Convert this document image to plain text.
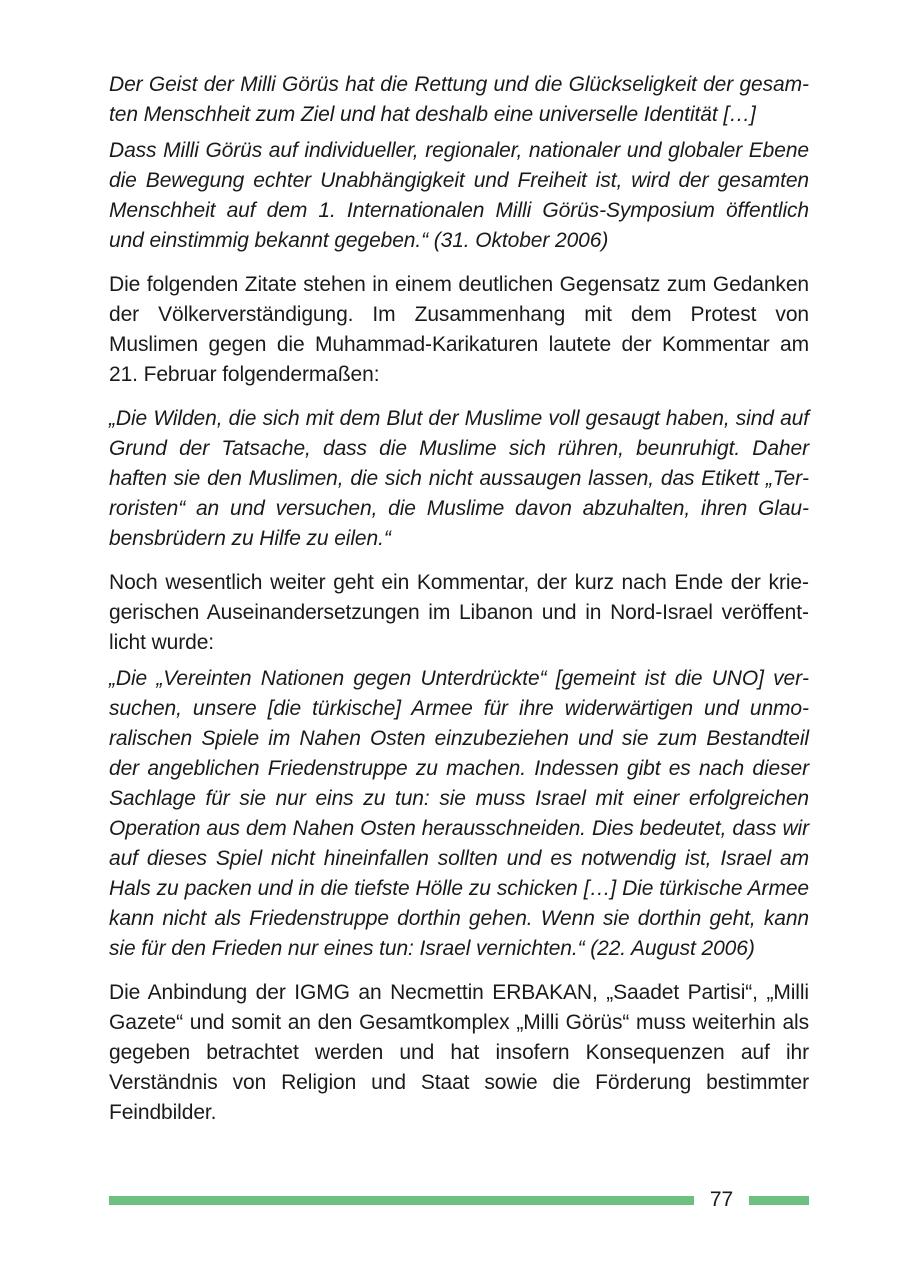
Der Geist der Milli Görüs hat die Rettung und die Glückseligkeit der gesamten Menschheit zum Ziel und hat deshalb eine universelle Identität […]

Dass Milli Görüs auf individueller, regionaler, nationaler und globaler Ebene die Bewegung echter Unabhängigkeit und Freiheit ist, wird der gesamten Menschheit auf dem 1. Internationalen Milli Görüs-Symposium öffentlich und einstimmig bekannt gegeben.“ (31. Oktober 2006)

Die folgenden Zitate stehen in einem deutlichen Gegensatz zum Gedanken der Völkerverständigung. Im Zusammenhang mit dem Protest von Muslimen gegen die Muhammad-Karikaturen lautete der Kommentar am 21. Februar folgendermaßen:

„Die Wilden, die sich mit dem Blut der Muslime voll gesaugt haben, sind auf Grund der Tatsache, dass die Muslime sich rühren, beunruhigt. Daher haften sie den Muslimen, die sich nicht aussaugen lassen, das Etikett „Terroristen“ an und versuchen, die Muslime davon abzuhalten, ihren Glaubensbrüdern zu Hilfe zu eilen.“

Noch wesentlich weiter geht ein Kommentar, der kurz nach Ende der kriegerischen Auseinandersetzungen im Libanon und in Nord-Israel veröffentlicht wurde:

„Die „Vereinten Nationen gegen Unterdrückte“ [gemeint ist die UNO] versuchen, unsere [die türkische] Armee für ihre widerwärtigen und unmoralischen Spiele im Nahen Osten einzubeziehen und sie zum Bestandteil der angeblichen Friedenstruppe zu machen. Indessen gibt es nach dieser Sachlage für sie nur eins zu tun: sie muss Israel mit einer erfolgreichen Operation aus dem Nahen Osten herausschneiden. Dies bedeutet, dass wir auf dieses Spiel nicht hineinfallen sollten und es notwendig ist, Israel am Hals zu packen und in die tiefste Hölle zu schicken […] Die türkische Armee kann nicht als Friedenstruppe dorthin gehen. Wenn sie dorthin geht, kann sie für den Frieden nur eines tun: Israel vernichten.“ (22. August 2006)

Die Anbindung der IGMG an Necmettin ERBAKAN, „Saadet Partisi“, „Milli Gazete“ und somit an den Gesamtkomplex „Milli Görüs“ muss weiterhin als gegeben betrachtet werden und hat insofern Konsequenzen auf ihr Verständnis von Religion und Staat sowie die Förderung bestimmter Feindbilder.

77
